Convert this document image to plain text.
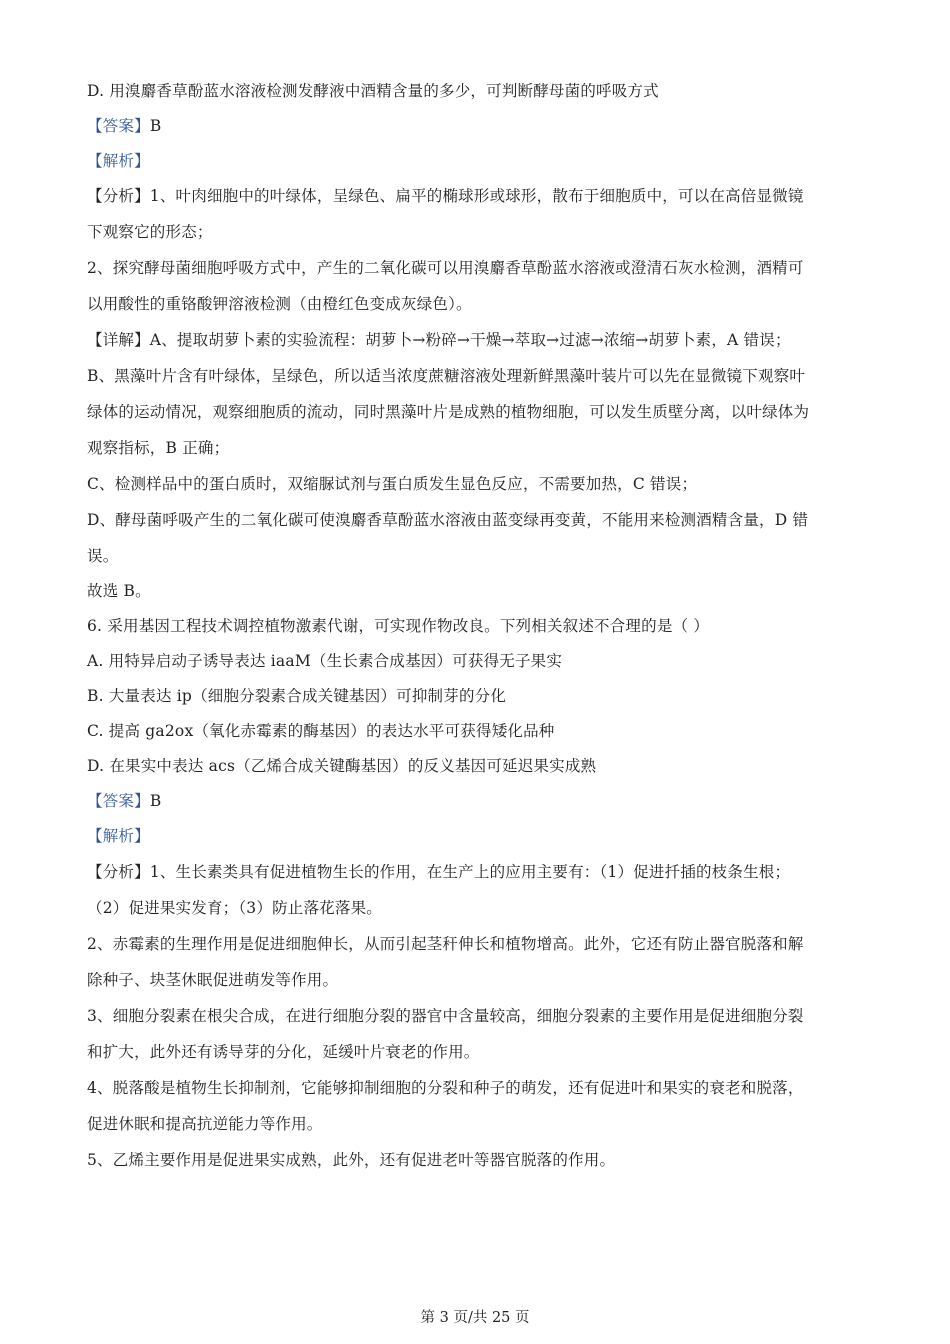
D. 用溴麝香草酚蓝水溶液检测发酵液中酒精含量的多少，可判断酵母菌的呼吸方式
【答案】B
【解析】
【分析】1、叶肉细胞中的叶绿体，呈绿色、扁平的椭球形或球形，散布于细胞质中，可以在高倍显微镜
下观察它的形态；
2、探究酵母菌细胞呼吸方式中，产生的二氧化碳可以用溴麝香草酚蓝水溶液或澄清石灰水检测，酒精可
以用酸性的重铬酸钾溶液检测（由橙红色变成灰绿色）。
【详解】A、提取胡萝卜素的实验流程：胡萝卜→粉碎→干燥→萃取→过滤→浓缩→胡萝卜素，A 错误；
B、黑藻叶片含有叶绿体，呈绿色，所以适当浓度蔗糖溶液处理新鲜黑藻叶装片可以先在显微镜下观察叶
绿体的运动情况，观察细胞质的流动，同时黑藻叶片是成熟的植物细胞，可以发生质壁分离，以叶绿体为
观察指标，B 正确；
C、检测样品中的蛋白质时，双缩脲试剂与蛋白质发生显色反应，不需要加热，C 错误；
D、酵母菌呼吸产生的二氧化碳可使溴麝香草酚蓝水溶液由蓝变绿再变黄，不能用来检测酒精含量，D 错
误。
故选 B。
6. 采用基因工程技术调控植物激素代谢，可实现作物改良。下列相关叙述不合理的是（ ）
A. 用特异启动子诱导表达 iaaM（生长素合成基因）可获得无子果实
B. 大量表达 ip（细胞分裂素合成关键基因）可抑制芽的分化
C. 提高 ga2ox（氧化赤霉素的酶基因）的表达水平可获得矮化品种
D. 在果实中表达 acs（乙烯合成关键酶基因）的反义基因可延迟果实成熟
【答案】B
【解析】
【分析】1、生长素类具有促进植物生长的作用，在生产上的应用主要有：（1）促进扦插的枝条生根；
（2）促进果实发育；（3）防止落花落果。
2、赤霉素的生理作用是促进细胞伸长，从而引起茎秆伸长和植物增高。此外，它还有防止器官脱落和解
除种子、块茎休眠促进萌发等作用。
3、细胞分裂素在根尖合成，在进行细胞分裂的器官中含量较高，细胞分裂素的主要作用是促进细胞分裂
和扩大，此外还有诱导芽的分化，延缓叶片衰老的作用。
4、脱落酸是植物生长抑制剂，它能够抑制细胞的分裂和种子的萌发，还有促进叶和果实的衰老和脱落，
促进休眠和提高抗逆能力等作用。
5、乙烯主要作用是促进果实成熟，此外，还有促进老叶等器官脱落的作用。
第 3 页/共 25 页
